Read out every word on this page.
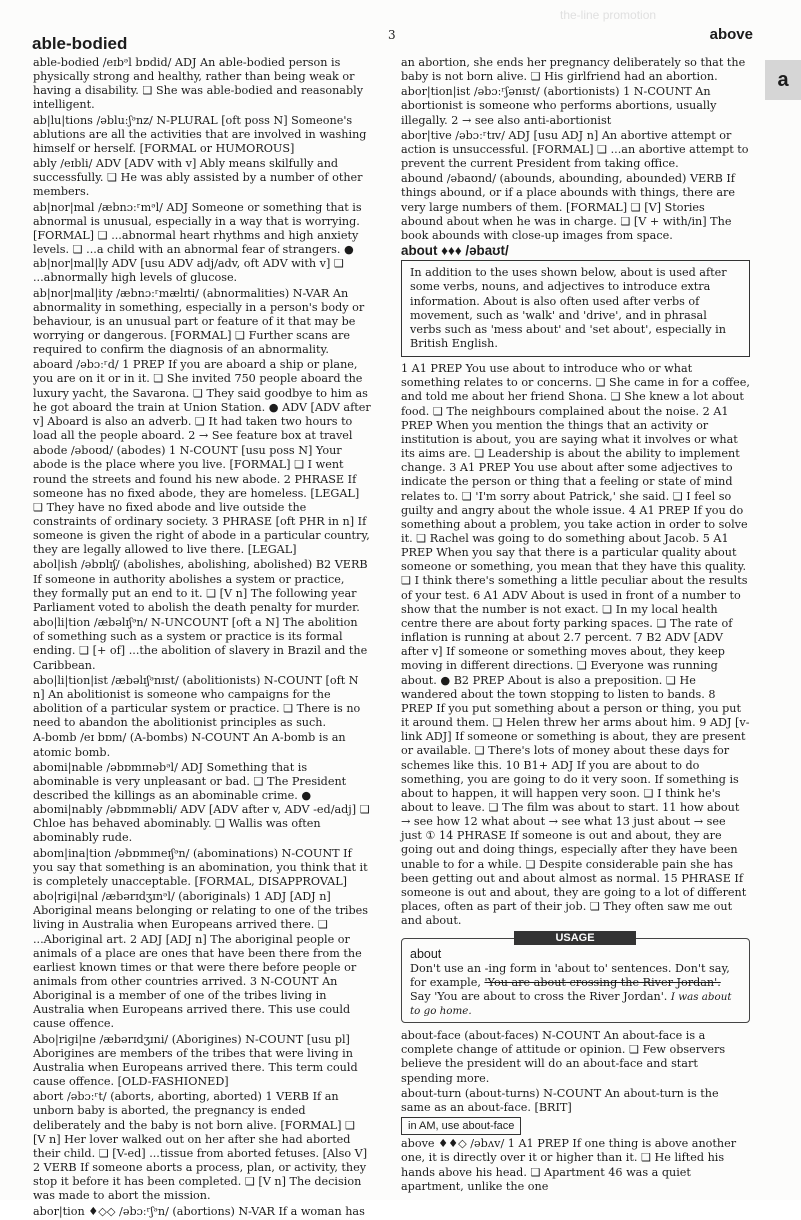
the-line promotion
able-bodied	3	above
a

able-bodied /eɪbᵊl bɒdid/ ADJ An able-bodied person is physically strong and healthy, rather than being weak or having a disability. ❑ She was able-bodied and reasonably intelligent.

ab|lu|tions /əbluːʃᵊnz/ N-PLURAL [oft poss N] Someone's ablutions are all the activities that are involved in washing himself or herself. [FORMAL or HUMOROUS]

ably /eɪbli/ ADV [ADV with v] Ably means skilfully and successfully. ❑ He was ably assisted by a number of other members.

ab|nor|mal /æbnɔːʳmᵊl/ ADJ Someone or something that is abnormal is unusual, especially in a way that is worrying. [FORMAL] ❑ ...abnormal heart rhythms and high anxiety levels. ❑ ...a child with an abnormal fear of strangers. ● ab|nor|mal|ly ADV [usu ADV adj/adv, oft ADV with v] ❑ ...abnormally high levels of glucose.

ab|nor|mal|ity /æbnɔːʳmælɪti/ (abnormalities) N-VAR An abnormality in something, especially in a person's body or behaviour, is an unusual part or feature of it that may be worrying or dangerous. [FORMAL] ❑ Further scans are required to confirm the diagnosis of an abnormality.

aboard /əbɔːʳd/ 1 PREP If you are aboard a ship or plane, you are on it or in it. ❑ She invited 750 people aboard the luxury yacht, the Savarona. ❑ They said goodbye to him as he got aboard the train at Union Station. ● ADV [ADV after v] Aboard is also an adverb. ❑ It had taken two hours to load all the people aboard. 2 → See feature box at travel

abode /əboʊd/ (abodes) 1 N-COUNT [usu poss N] Your abode is the place where you live. [FORMAL] ❑ I went round the streets and found his new abode. 2 PHRASE If someone has no fixed abode, they are homeless. [LEGAL] ❑ They have no fixed abode and live outside the constraints of ordinary society. 3 PHRASE [oft PHR in n] If someone is given the right of abode in a particular country, they are legally allowed to live there. [LEGAL]

abol|ish /əbɒlɪʃ/ (abolishes, abolishing, abolished) B2 VERB If someone in authority abolishes a system or practice, they formally put an end to it. ❑ [V n] The following year Parliament voted to abolish the death penalty for murder.

abo|li|tion /æbəlɪʃᵊn/ N-UNCOUNT [oft a N] The abolition of something such as a system or practice is its formal ending. ❑ [+ of] ...the abolition of slavery in Brazil and the Caribbean.

abo|li|tion|ist /æbəlɪʃᵊnɪst/ (abolitionists) N-COUNT [oft N n] An abolitionist is someone who campaigns for the abolition of a particular system or practice. ❑ There is no need to abandon the abolitionist principles as such.

A-bomb /eɪ bɒm/ (A-bombs) N-COUNT An A-bomb is an atomic bomb.

abomi|nable /əbɒmɪnəbᵊl/ ADJ Something that is abominable is very unpleasant or bad. ❑ The President described the killings as an abominable crime. ● abomi|nably /əbɒmɪnəbli/ ADV [ADV after v, ADV -ed/adj] ❑ Chloe has behaved abominably. ❑ Wallis was often abominably rude.

abom|ina|tion /əbɒmɪneɪʃᵊn/ (abominations) N-COUNT If you say that something is an abomination, you think that it is completely unacceptable. [FORMAL, DISAPPROVAL]

abo|rigi|nal /æbərɪdʒɪnᵊl/ (aboriginals) 1 ADJ [ADJ n] Aboriginal means belonging or relating to one of the tribes living in Australia when Europeans arrived there. ❑ ...Aboriginal art. 2 ADJ [ADJ n] The aboriginal people or animals of a place are ones that have been there from the earliest known times or that were there before people or animals from other countries arrived. 3 N-COUNT An Aboriginal is a member of one of the tribes living in Australia when Europeans arrived there. This use could cause offence.

Abo|rigi|ne /æbərɪdʒɪni/ (Aborigines) N-COUNT [usu pl] Aborigines are members of the tribes that were living in Australia when Europeans arrived there. This term could cause offence. [OLD-FASHIONED]

abort /əbɔːʳt/ (aborts, aborting, aborted) 1 VERB If an unborn baby is aborted, the pregnancy is ended deliberately and the baby is not born alive. [FORMAL] ❑ [V n] Her lover walked out on her after she had aborted their child. ❑ [V-ed] ...tissue from aborted fetuses. [Also V] 2 VERB If someone aborts a process, plan, or activity, they stop it before it has been completed. ❑ [V n] The decision was made to abort the mission.

abor|tion ♦◇◇ /əbɔːʳʃᵊn/ (abortions) N-VAR If a woman has

an abortion, she ends her pregnancy deliberately so that the baby is not born alive. ❑ His girlfriend had an abortion.

abor|tion|ist /əbɔːʳʃənɪst/ (abortionists) 1 N-COUNT An abortionist is someone who performs abortions, usually illegally. 2 → see also anti-abortionist

abor|tive /əbɔːʳtɪv/ ADJ [usu ADJ n] An abortive attempt or action is unsuccessful. [FORMAL] ❑ ...an abortive attempt to prevent the current President from taking office.

abound /əbaʊnd/ (abounds, abounding, abounded) VERB If things abound, or if a place abounds with things, there are very large numbers of them. [FORMAL] ❑ [V] Stories abound about when he was in charge. ❑ [V + with/in] The book abounds with close-up images from space.

about ♦♦♦ /əbaʊt/

In addition to the uses shown below, about is used after some verbs, nouns, and adjectives to introduce extra information. About is also often used after verbs of movement, such as 'walk' and 'drive', and in phrasal verbs such as 'mess about' and 'set about', especially in British English.

1 A1 PREP You use about to introduce who or what something relates to or concerns. ❑ She came in for a coffee, and told me about her friend Shona. ❑ She knew a lot about food. ❑ The neighbours complained about the noise. 2 A1 PREP When you mention the things that an activity or institution is about, you are saying what it involves or what its aims are. ❑ Leadership is about the ability to implement change. 3 A1 PREP You use about after some adjectives to indicate the person or thing that a feeling or state of mind relates to. ❑ 'I'm sorry about Patrick,' she said. ❑ I feel so guilty and angry about the whole issue. 4 A1 PREP If you do something about a problem, you take action in order to solve it. ❑ Rachel was going to do something about Jacob. 5 A1 PREP When you say that there is a particular quality about someone or something, you mean that they have this quality. ❑ I think there's something a little peculiar about the results of your test. 6 A1 ADV About is used in front of a number to show that the number is not exact. ❑ In my local health centre there are about forty parking spaces. ❑ The rate of inflation is running at about 2.7 percent. 7 B2 ADV [ADV after v] If someone or something moves about, they keep moving in different directions. ❑ Everyone was running about. ● B2 PREP About is also a preposition. ❑ He wandered about the town stopping to listen to bands. 8 PREP If you put something about a person or thing, you put it around them. ❑ Helen threw her arms about him. 9 ADJ [v-link ADJ] If someone or something is about, they are present or available. ❑ There's lots of money about these days for schemes like this. 10 B1+ ADJ If you are about to do something, you are going to do it very soon. If something is about to happen, it will happen very soon. ❑ I think he's about to leave. ❑ The film was about to start. 11 how about → see how 12 what about → see what 13 just about → see just ① 14 PHRASE If someone is out and about, they are going out and doing things, especially after they have been unable to for a while. ❑ Despite considerable pain she has been getting out and about almost as normal. 15 PHRASE If someone is out and about, they are going to a lot of different places, often as part of their job. ❑ They often saw me out and about.

USAGE
about
Don't use an -ing form in 'about to' sentences. Don't say, for example, 'You are about crossing the River Jordan'. Say 'You are about to cross the River Jordan'. I was about to go home.

about-face (about-faces) N-COUNT An about-face is a complete change of attitude or opinion. ❑ Few observers believe the president will do an about-face and start spending more.

about-turn (about-turns) N-COUNT An about-turn is the same as an about-face. [BRIT]

in AM, use about-face

above ♦♦◇ /əbʌv/ 1 A1 PREP If one thing is above another one, it is directly over it or higher than it. ❑ He lifted his hands above his head. ❑ Apartment 46 was a quiet apartment, unlike the one
